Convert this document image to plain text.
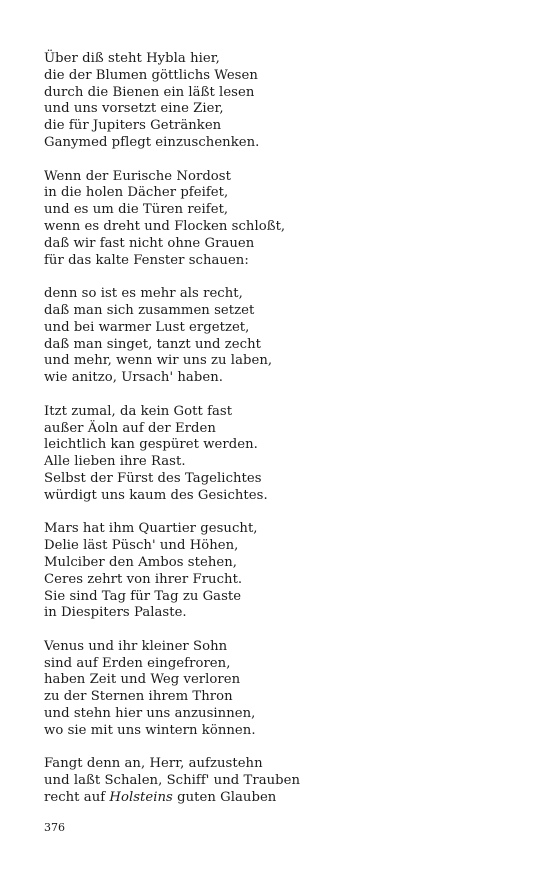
Über diß steht Hybla hier,
die der Blumen göttlichs Wesen
durch die Bienen ein läßt lesen
und uns vorsetzt eine Zier,
die für Jupiters Getränken
Ganymed pflegt einzuschenken.
Wenn der Eurische Nordost
in die holen Dächer pfeifet,
und es um die Türen reifet,
wenn es dreht und Flocken schloßt,
daß wir fast nicht ohne Grauen
für das kalte Fenster schauen:
denn so ist es mehr als recht,
daß man sich zusammen setzet
und bei warmer Lust ergetzet,
daß man singet, tanzt und zecht
und mehr, wenn wir uns zu laben,
wie anitzo, Ursach' haben.
Itzt zumal, da kein Gott fast
außer Äoln auf der Erden
leichtlich kan gespüret werden.
Alle lieben ihre Rast.
Selbst der Fürst des Tagelichtes
würdigt uns kaum des Gesichtes.
Mars hat ihm Quartier gesucht,
Delie läst Püsch' und Höhen,
Mulciber den Ambos stehen,
Ceres zehrt von ihrer Frucht.
Sie sind Tag für Tag zu Gaste
in Diespiters Palaste.
Venus und ihr kleiner Sohn
sind auf Erden eingefroren,
haben Zeit und Weg verloren
zu der Sternen ihrem Thron
und stehn hier uns anzusinnen,
wo sie mit uns wintern können.
Fangt denn an, Herr, aufzustehn
und laßt Schalen, Schiff' und Trauben
recht auf Holsteins guten Glauben
376
